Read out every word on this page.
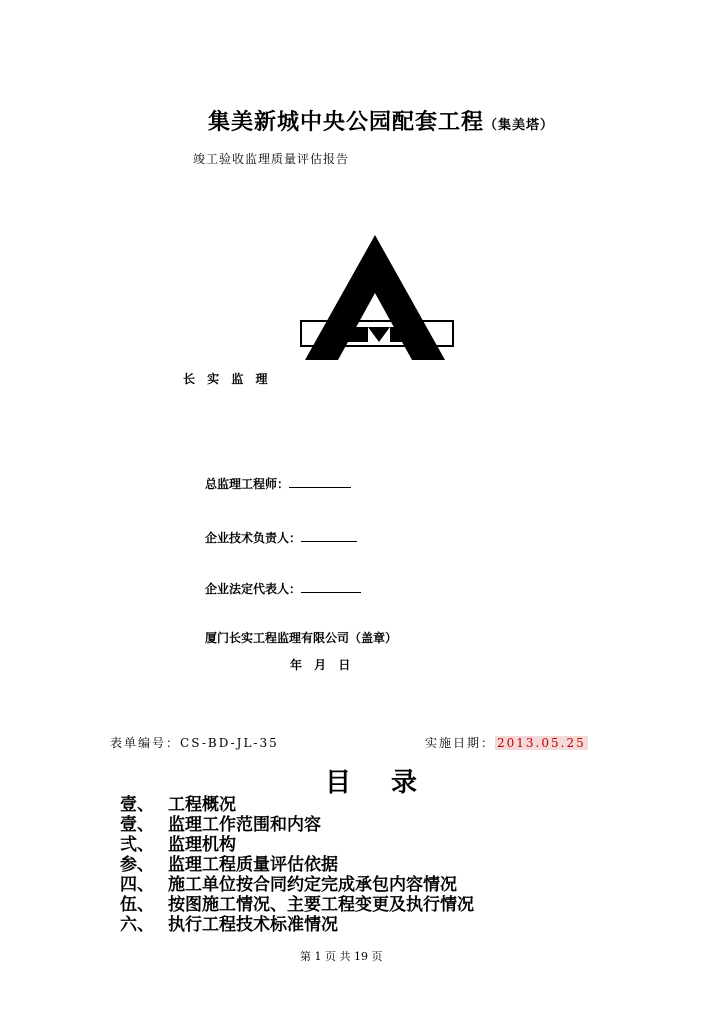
集美新城中央公园配套工程（集美塔）
竣工验收监理质量评估报告
长 实 监 理
总监理工程师：
企业技术负责人：
企业法定代表人：
厦门长实工程监理有限公司（盖章）
年 月 日
表单编号：CS-BD-JL-35	实施日期： 2013.05.25
目录
壹、 工程概况
壹、 监理工作范围和内容
弍、 监理机构
参、 监理工程质量评估依据
四、 施工单位按合同约定完成承包内容情况
伍、 按图施工情况、主要工程变更及执行情况
六、 执行工程技术标准情况
第 1 页 共 19 页
